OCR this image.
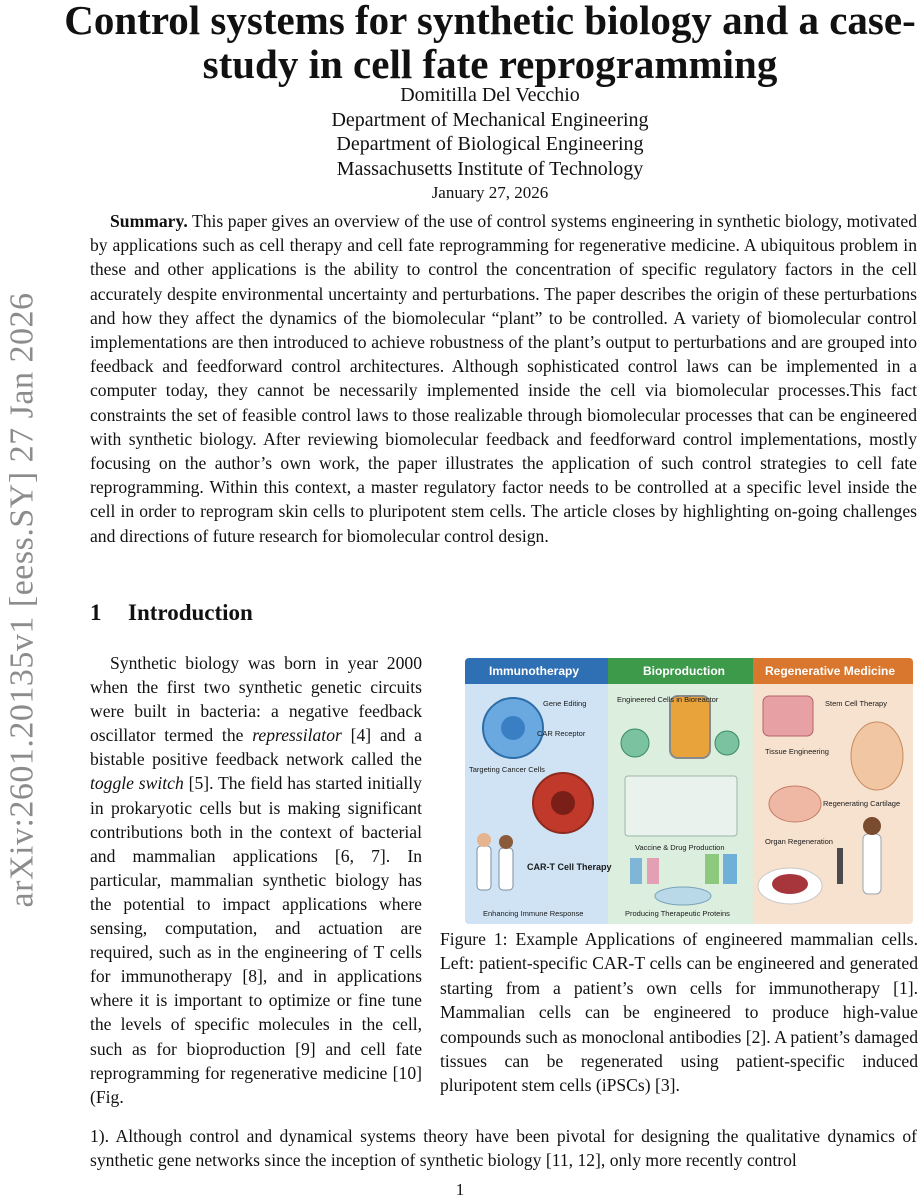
arXiv:2601.20135v1 [eess.SY] 27 Jan 2026
Control systems for synthetic biology and a case-study in cell fate reprogramming
Domitilla Del Vecchio
Department of Mechanical Engineering
Department of Biological Engineering
Massachusetts Institute of Technology
January 27, 2026

Summary. This paper gives an overview of the use of control systems engineering in synthetic biology, motivated by applications such as cell therapy and cell fate reprogramming for regenerative medicine. A ubiquitous problem in these and other applications is the ability to control the concentration of specific regulatory factors in the cell accurately despite environmental uncertainty and perturbations. The paper describes the origin of these perturbations and how they affect the dynamics of the biomolecular “plant” to be controlled. A variety of biomolecular control implementations are then introduced to achieve robustness of the plant’s output to perturbations and are grouped into feedback and feedforward control architectures. Although sophisticated control laws can be implemented in a computer today, they cannot be necessarily implemented inside the cell via biomolecular processes.This fact constraints the set of feasible control laws to those realizable through biomolecular processes that can be engineered with synthetic biology. After reviewing biomolecular feedback and feedforward control implementations, mostly focusing on the author’s own work, the paper illustrates the application of such control strategies to cell fate reprogramming. Within this context, a master regulatory factor needs to be controlled at a specific level inside the cell in order to reprogram skin cells to pluripotent stem cells. The article closes by highlighting on-going challenges and directions of future research for biomolecular control design.

1 Introduction

Synthetic biology was born in year 2000 when the first two synthetic genetic circuits were built in bacteria: a negative feedback oscillator termed the repressilator [4] and a bistable positive feedback network called the toggle switch [5]. The field has started initially in prokaryotic cells but is making significant contributions both in the context of bacterial and mammalian applications [6, 7]. In particular, mammalian synthetic biology has the potential to impact applications where sensing, computation, and actuation are required, such as in the engineering of T cells for immunotherapy [8], and in applications where it is important to optimize or fine tune the levels of specific molecules in the cell, such as for bioproduction [9] and cell fate reprogramming for regenerative medicine [10] (Fig.

Immunotherapy	Bioproduction	Regenerative Medicine
Gene Editing
CAR Receptor
Targeting Cancer Cells
CAR-T Cell Therapy
Enhancing Immune Response
Engineered Cells in Bioreactor
Vaccine & Drug Production
Producing Therapeutic Proteins
Stem Cell Therapy
Tissue Engineering
Regenerating Cartilage
Organ Regeneration

Figure 1: Example Applications of engineered mammalian cells. Left: patient-specific CAR-T cells can be engineered and generated starting from a patient’s own cells for immunotherapy [1]. Mammalian cells can be engineered to produce high-value compounds such as monoclonal antibodies [2]. A patient’s damaged tissues can be regenerated using patient-specific induced pluripotent stem cells (iPSCs) [3].

1). Although control and dynamical systems theory have been pivotal for designing the qualitative dynamics of synthetic gene networks since the inception of synthetic biology [11, 12], only more recently control

1
